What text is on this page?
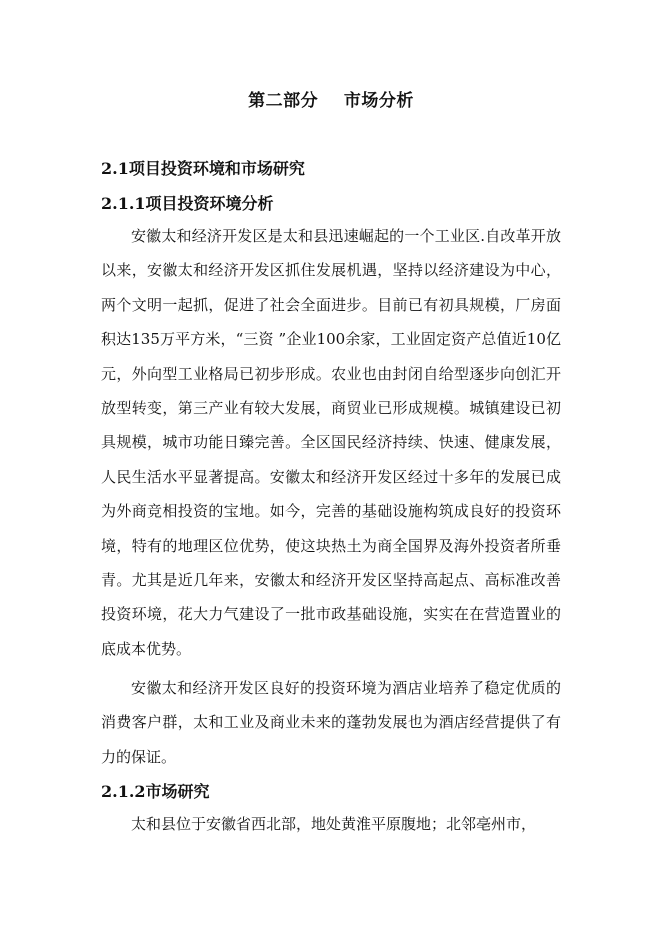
第二部分    市场分析
2.1项目投资环境和市场研究
2.1.1项目投资环境分析

安徽太和经济开发区是太和县迅速崛起的一个工业区.自改革开放以来，安徽太和经济开发区抓住发展机遇，坚持以经济建设为中心，两个文明一起抓，促进了社会全面进步。目前已有初具规模，厂房面积达135万平方米，“三资 ”企业100余家，工业固定资产总值近10亿元，外向型工业格局已初步形成。农业也由封闭自给型逐步向创汇开放型转变，第三产业有较大发展，商贸业已形成规模。城镇建设已初具规模，城市功能日臻完善。全区国民经济持续、快速、健康发展，人民生活水平显著提高。安徽太和经济开发区经过十多年的发展已成为外商竞相投资的宝地。如今，完善的基础设施构筑成良好的投资环境，特有的地理区位优势，使这块热土为商全国界及海外投资者所垂青。尤其是近几年来，安徽太和经济开发区坚持高起点、高标准改善投资环境，花大力气建设了一批市政基础设施，实实在在营造置业的底成本优势。

安徽太和经济开发区良好的投资环境为酒店业培养了稳定优质的消费客户群，太和工业及商业未来的蓬勃发展也为酒店经营提供了有力的保证。

2.1.2市场研究

太和县位于安徽省西北部，地处黄淮平原腹地；北邻亳州市，
